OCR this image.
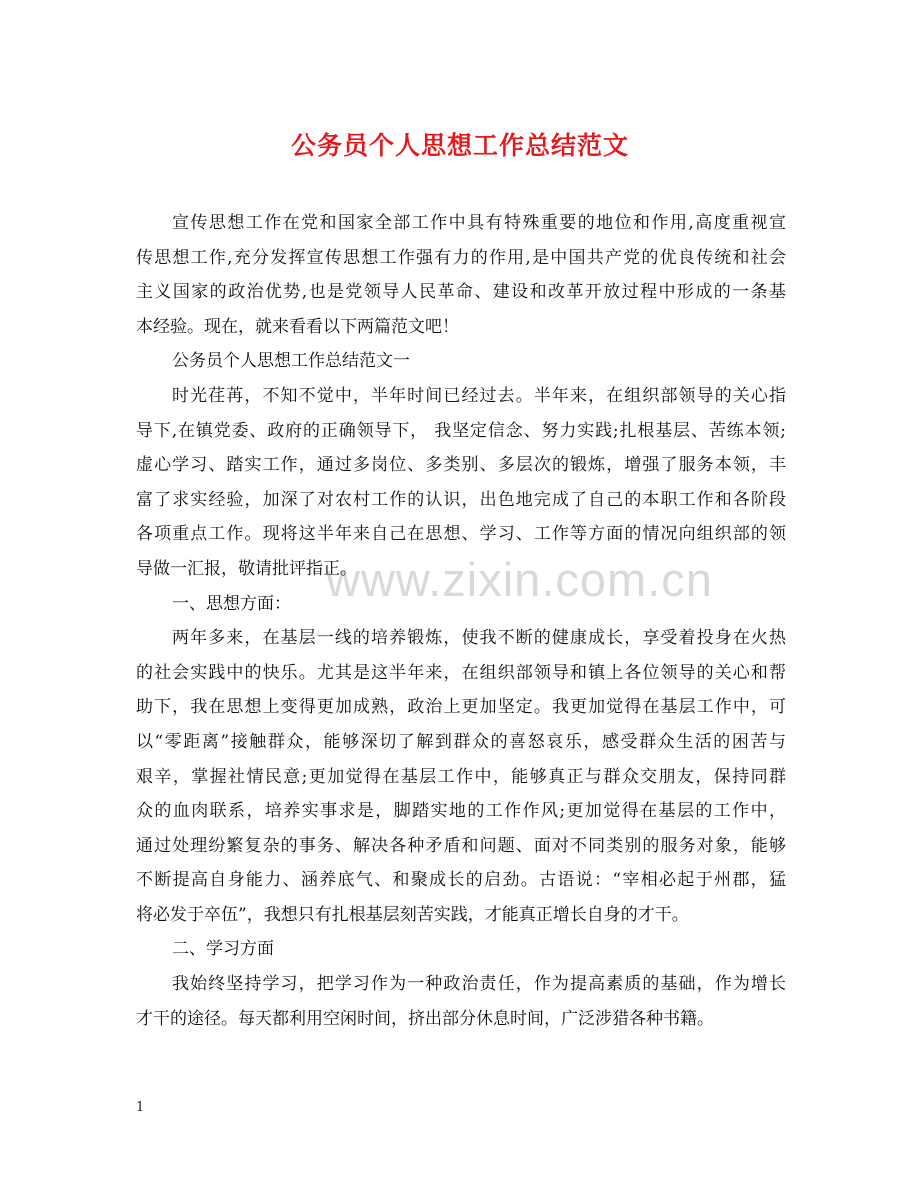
公务员个人思想工作总结范文
www.zixin.com.cn
宣传思想工作在党和国家全部工作中具有特殊重要的地位和作用,高度重视宣
传思想工作,充分发挥宣传思想工作强有力的作用,是中国共产党的优良传统和社会
主义国家的政治优势,也是党领导人民革命、建设和改革开放过程中形成的一条基
本经验。现在，就来看看以下两篇范文吧！
公务员个人思想工作总结范文一
时光荏苒，不知不觉中，半年时间已经过去。半年来，在组织部领导的关心指
导下,在镇党委、政府的正确领导下， 我坚定信念、努力实践;扎根基层、苦练本领;
虚心学习、踏实工作，通过多岗位、多类别、多层次的锻炼，增强了服务本领，丰
富了求实经验，加深了对农村工作的认识，出色地完成了自己的本职工作和各阶段
各项重点工作。现将这半年来自己在思想、学习、工作等方面的情况向组织部的领
导做一汇报，敬请批评指正。
一、思想方面：
两年多来，在基层一线的培养锻炼，使我不断的健康成长，享受着投身在火热
的社会实践中的快乐。尤其是这半年来，在组织部领导和镇上各位领导的关心和帮
助下，我在思想上变得更加成熟，政治上更加坚定。我更加觉得在基层工作中，可
以“零距离”接触群众，能够深切了解到群众的喜怒哀乐，感受群众生活的困苦与
艰辛，掌握社情民意;更加觉得在基层工作中，能够真正与群众交朋友，保持同群
众的血肉联系，培养实事求是，脚踏实地的工作作风;更加觉得在基层的工作中，
通过处理纷繁复杂的事务、解决各种矛盾和问题、面对不同类别的服务对象，能够
不断提高自身能力、涵养底气、和聚成长的启劲。古语说：“宰相必起于州郡，猛
将必发于卒伍”，我想只有扎根基层刻苦实践，才能真正增长自身的才干。
二、学习方面
我始终坚持学习，把学习作为一种政治责任，作为提高素质的基础，作为增长
才干的途径。每天都利用空闲时间，挤出部分休息时间，广泛涉猎各种书籍。
1
